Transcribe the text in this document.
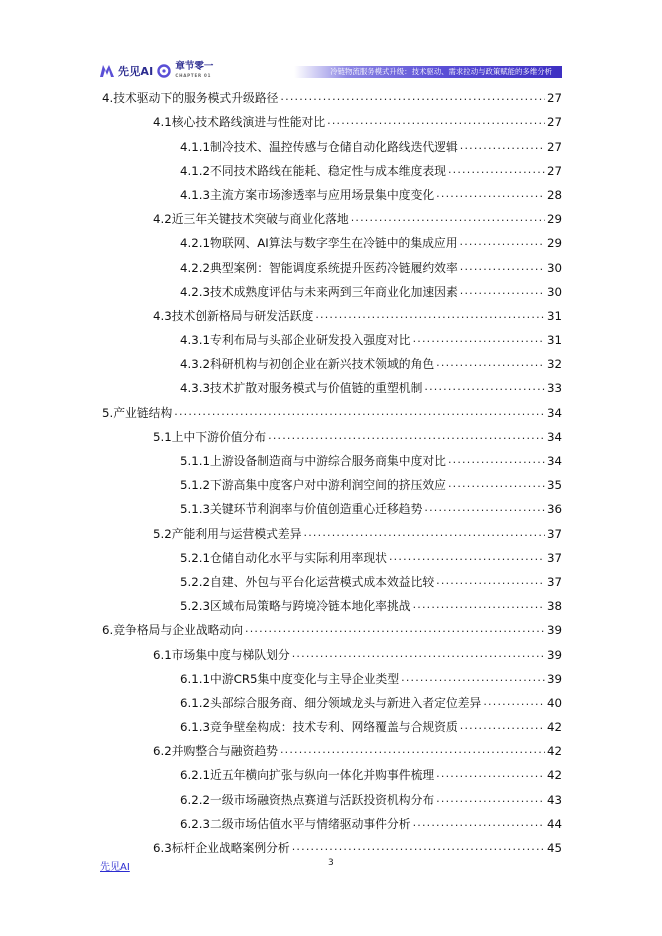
先见AI 章节零一
CHAPTER 01	冷链物流服务模式升级：技术驱动、需求拉动与政策赋能的多维分析
4.技术驱动下的服务模式升级路径 .....	27
4.1核心技术路线演进与性能对比 .....	27
4.1.1制冷技术、温控传感与仓储自动化路线迭代逻辑 .....	27
4.1.2不同技术路线在能耗、稳定性与成本维度表现 .....	27
4.1.3主流方案市场渗透率与应用场景集中度变化 .....	28
4.2近三年关键技术突破与商业化落地 .....	29
4.2.1物联网、AI算法与数字孪生在冷链中的集成应用 .....	29
4.2.2典型案例：智能调度系统提升医药冷链履约效率 .....	30
4.2.3技术成熟度评估与未来两到三年商业化加速因素 .....	30
4.3技术创新格局与研发活跃度 .....	31
4.3.1专利布局与头部企业研发投入强度对比 .....	31
4.3.2科研机构与初创企业在新兴技术领域的角色 .....	32
4.3.3技术扩散对服务模式与价值链的重塑机制 .....	33
5.产业链结构 .....	34
5.1上中下游价值分布 .....	34
5.1.1上游设备制造商与中游综合服务商集中度对比 .....	34
5.1.2下游高集中度客户对中游利润空间的挤压效应 .....	35
5.1.3关键环节利润率与价值创造重心迁移趋势 .....	36
5.2产能利用与运营模式差异 .....	37
5.2.1仓储自动化水平与实际利用率现状 .....	37
5.2.2自建、外包与平台化运营模式成本效益比较 .....	37
5.2.3区域布局策略与跨境冷链本地化率挑战 .....	38
6.竞争格局与企业战略动向 .....	39
6.1市场集中度与梯队划分 .....	39
6.1.1中游CR5集中度变化与主导企业类型 .....	39
6.1.2头部综合服务商、细分领域龙头与新进入者定位差异 .....	40
6.1.3竞争壁垒构成：技术专利、网络覆盖与合规资质 .....	42
6.2并购整合与融资趋势 .....	42
6.2.1近五年横向扩张与纵向一体化并购事件梳理 .....	42
6.2.2一级市场融资热点赛道与活跃投资机构分布 .....	43
6.2.3二级市场估值水平与情绪驱动事件分析 .....	44
6.3标杆企业战略案例分析 .....	45
先见AI	3
